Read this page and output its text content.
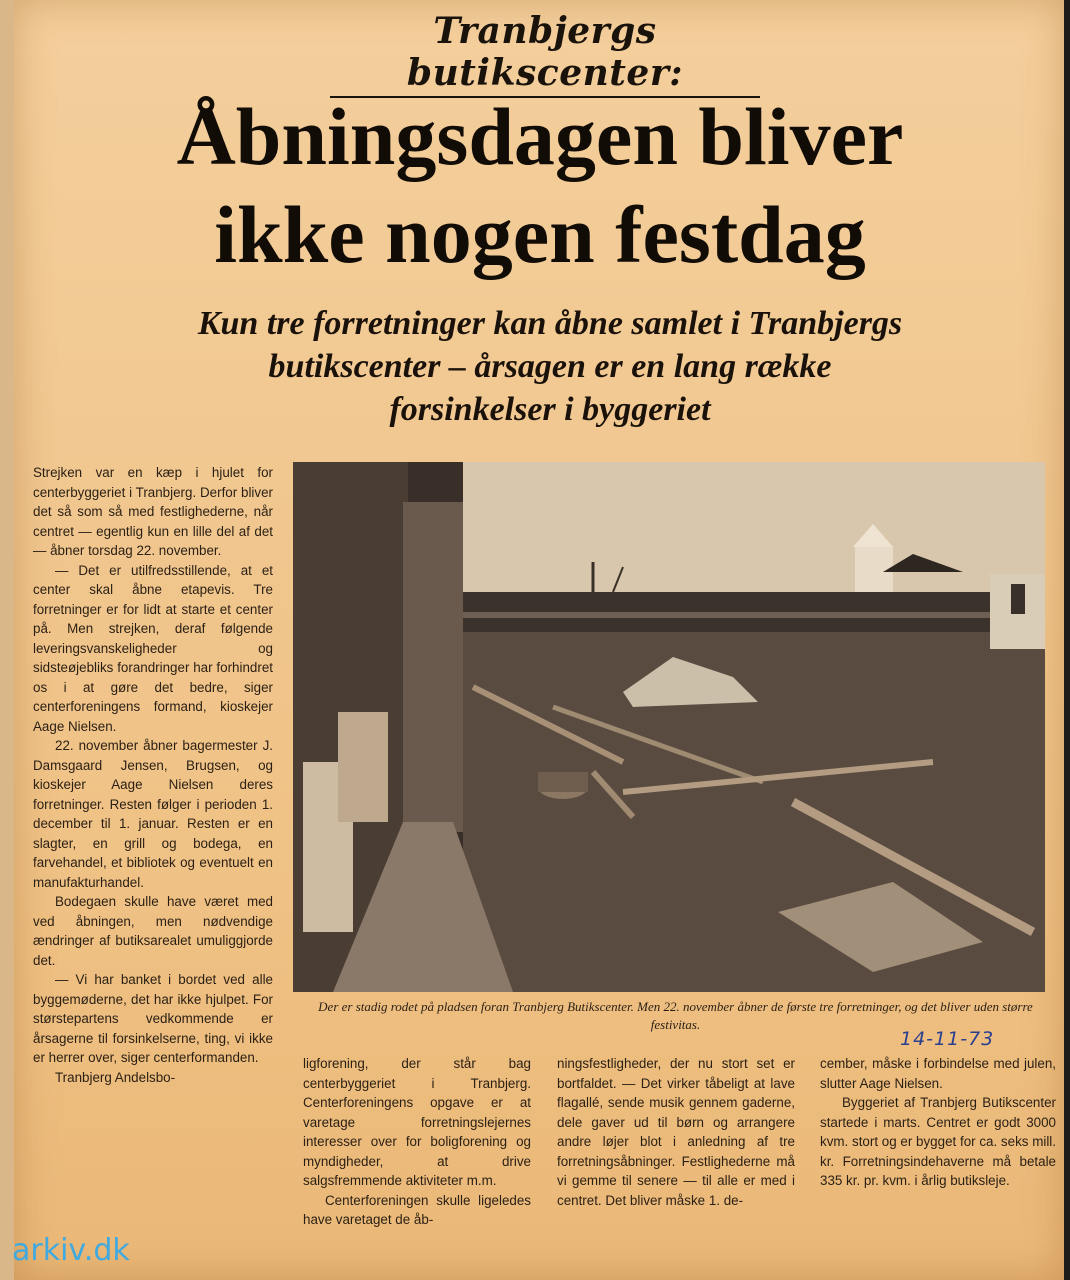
Tranbjergs butikscenter:
Åbningsdagen bliver
ikke nogen festdag
Kun tre forretninger kan åbne samlet i Tranbjergs
butikscenter – årsagen er en lang række
forsinkelser i byggeriet

Strejken var en kæp i hjulet for centerbyggeriet i Tranbjerg. Derfor bliver det så som så med festlighederne, når centret — egentlig kun en lille del af det — åbner torsdag 22. november.

— Det er utilfredsstillende, at et center skal åbne etapevis. Tre forretninger er for lidt at starte et center på. Men strejken, deraf følgende leveringsvanskeligheder og sidsteøjebliks forandringer har forhindret os i at gøre det bedre, siger centerforeningens formand, kioskejer Aage Nielsen.

22. november åbner bagermester J. Damsgaard Jensen, Brugsen, og kioskejer Aage Nielsen deres forretninger. Resten følger i perioden 1. december til 1. januar. Resten er en slagter, en grill og bodega, en farvehandel, et bibliotek og eventuelt en manufakturhandel.

Bodegaen skulle have været med ved åbningen, men nødvendige ændringer af butiksarealet umuliggjorde det.

— Vi har banket i bordet ved alle byggemøderne, det har ikke hjulpet. For størstepartens vedkommende er årsagerne til forsinkelserne, ting, vi ikke er herrer over, siger centerformanden.

Tranbjerg Andelsbo-

Der er stadig rodet på pladsen foran Tranbjerg Butikscenter. Men 22. november åbner de første tre forretninger, og det bliver uden større festivitas.
14-11-73

ligforening, der står bag centerbyggeriet i Tranbjerg. Centerforeningens opgave er at varetage forretningslejernes interesser over for boligforening og myndigheder, at drive salgsfremmende aktiviteter m.m.

Centerforeningen skulle ligeledes have varetaget de åb-

ningsfestligheder, der nu stort set er bortfaldet. — Det virker tåbeligt at lave flagallé, sende musik gennem gaderne, dele gaver ud til børn og arrangere andre løjer blot i anledning af tre forretningsåbninger. Festlighederne må vi gemme til senere — til alle er med i centret. Det bliver måske 1. de-

cember, måske i forbindelse med julen, slutter Aage Nielsen.

Byggeriet af Tranbjerg Butikscenter startede i marts. Centret er godt 3000 kvm. stort og er bygget for ca. seks mill. kr. Forretningsindehaverne må betale 335 kr. pr. kvm. i årlig butiksleje.

arkiv.dk
